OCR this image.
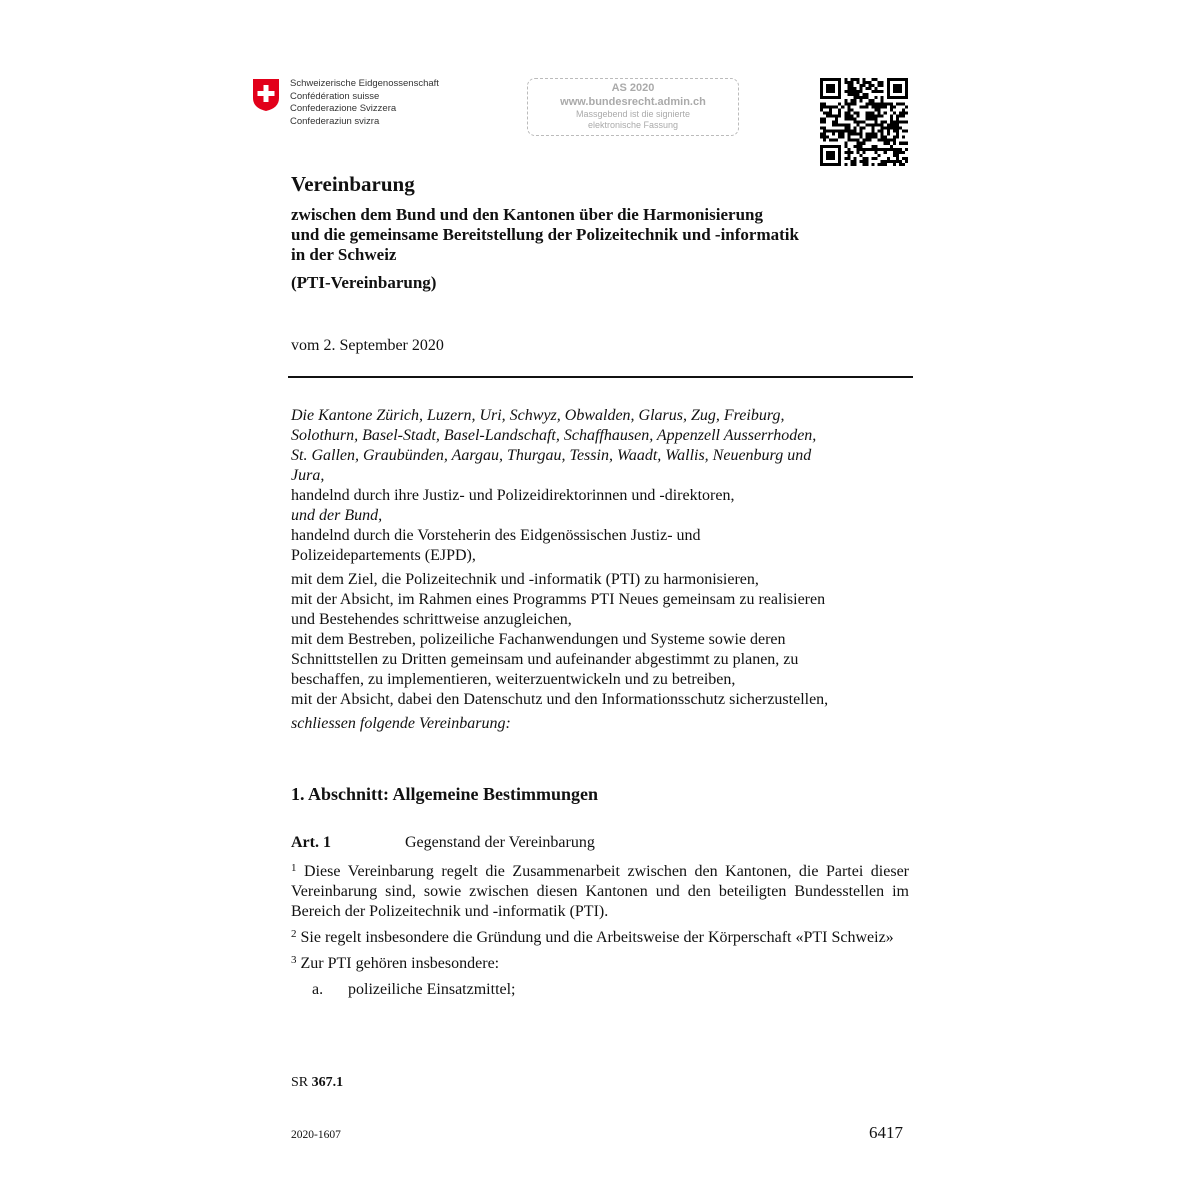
Schweizerische Eidgenossenschaft
Confédération suisse
Confederazione Svizzera
Confederaziun svizra
AS 2020
www.bundesrecht.admin.ch
Massgebend ist die signierte
elektronische Fassung
Vereinbarung
zwischen dem Bund und den Kantonen über die Harmonisierung
und die gemeinsame Bereitstellung der Polizeitechnik und -informatik
in der Schweiz
(PTI-Vereinbarung)
vom 2. September 2020

Die Kantone Zürich, Luzern, Uri, Schwyz, Obwalden, Glarus, Zug, Freiburg,

Solothurn, Basel-Stadt, Basel-Landschaft, Schaffhausen, Appenzell Ausserrhoden,

St. Gallen, Graubünden, Aargau, Thurgau, Tessin, Waadt, Wallis, Neuenburg und

Jura,

handelnd durch ihre Justiz- und Polizeidirektorinnen und -direktoren,

und der Bund,

handelnd durch die Vorsteherin des Eidgenössischen Justiz- und

Polizeidepartements (EJPD),

mit dem Ziel, die Polizeitechnik und -informatik (PTI) zu harmonisieren,

mit der Absicht, im Rahmen eines Programms PTI Neues gemeinsam zu realisieren

und Bestehendes schrittweise anzugleichen,

mit dem Bestreben, polizeiliche Fachanwendungen und Systeme sowie deren

Schnittstellen zu Dritten gemeinsam und aufeinander abgestimmt zu planen, zu

beschaffen, zu implementieren, weiterzuentwickeln und zu betreiben,

mit der Absicht, dabei den Datenschutz und den Informationsschutz sicherzustellen,

schliessen folgende Vereinbarung:

1. Abschnitt: Allgemeine Bestimmungen
Art. 1	Gegenstand der Vereinbarung

$^1$ Diese Vereinbarung regelt die Zusammenarbeit zwischen den Kantonen, die Partei dieser Vereinbarung sind, sowie zwischen diesen Kantonen und den beteiligten Bundesstellen im Bereich der Polizeitechnik und -informatik (PTI).

$^2$ Sie regelt insbesondere die Gründung und die Arbeitsweise der Körperschaft «PTI Schweiz»

$^3$ Zur PTI gehören insbesondere:

a. polizeiliche Einsatzmittel;

SR 367.1
2020-1607	6417
